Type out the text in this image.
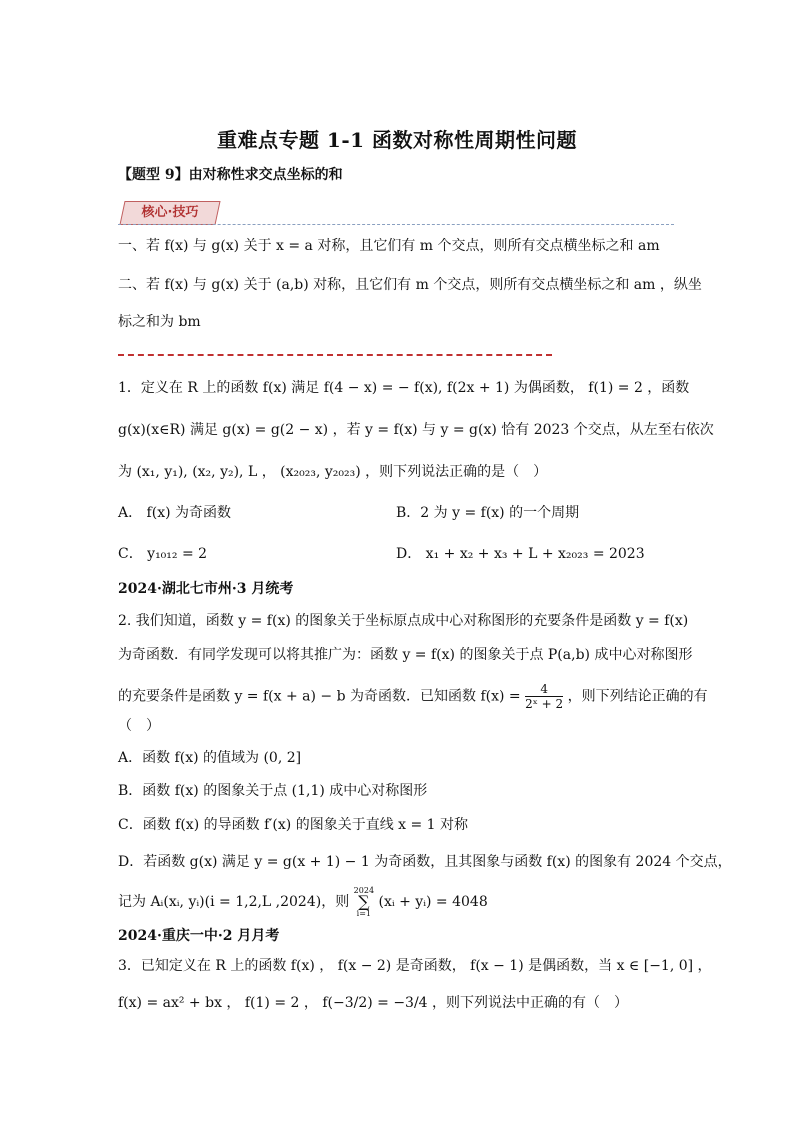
重难点专题 1-1 函数对称性周期性问题
【题型 9】由对称性求交点坐标的和
核心·技巧
一、若 f(x) 与 g(x) 关于 x = a 对称，且它们有 m 个交点，则所有交点横坐标之和 am
二、若 f(x) 与 g(x) 关于 (a,b) 对称，且它们有 m 个交点，则所有交点横坐标之和 am ，纵坐
标之和为 bm
1．定义在 R 上的函数 f(x) 满足 f(4 − x) = − f(x), f(2x + 1) 为偶函数， f(1) = 2 ，函数
g(x)(x∈R) 满足 g(x) = g(2 − x) ，若 y = f(x) 与 y = g(x) 恰有 2023 个交点，从左至右依次
为 (x₁, y₁), (x₂, y₂), L ， (x₂₀₂₃, y₂₀₂₃) ，则下列说法正确的是（　）
A． f(x) 为奇函数	B．2 为 y = f(x) 的一个周期
C． y₁₀₁₂ = 2	D． x₁ + x₂ + x₃ + L + x₂₀₂₃ = 2023
2024·湖北七市州·3 月统考
2. 我们知道，函数 y = f(x) 的图象关于坐标原点成中心对称图形的充要条件是函数 y = f(x)
为奇函数．有同学发现可以将其推广为：函数 y = f(x) 的图象关于点 P(a,b) 成中心对称图形
的充要条件是函数 y = f(x + a) − b 为奇函数．已知函数 $f(x) = \frac{4}{\text{2ˣ + 2}}$ ，则下列结论正确的有
（　）
A．函数 f(x) 的值域为 (0, 2]
B．函数 f(x) 的图象关于点 (1,1) 成中心对称图形
C．函数 f(x) 的导函数 f′(x) 的图象关于直线 x = 1 对称
D．若函数 g(x) 满足 y = g(x + 1) − 1 为奇函数，且其图象与函数 f(x) 的图象有 2024 个交点，
记为 Aᵢ(xᵢ, yᵢ)(i = 1,2,L ,2024)，则
2024
∑
i=1
(xᵢ + yᵢ) = 4048
2024·重庆一中·2 月月考
3．已知定义在 R 上的函数 f(x) ， f(x − 2) 是奇函数， f(x − 1) 是偶函数，当 x ∈ [−1, 0] ，
f(x) = ax² + bx ， f(1) = 2 ， f(−3/2) = −3/4 ，则下列说法中正确的有（　）
